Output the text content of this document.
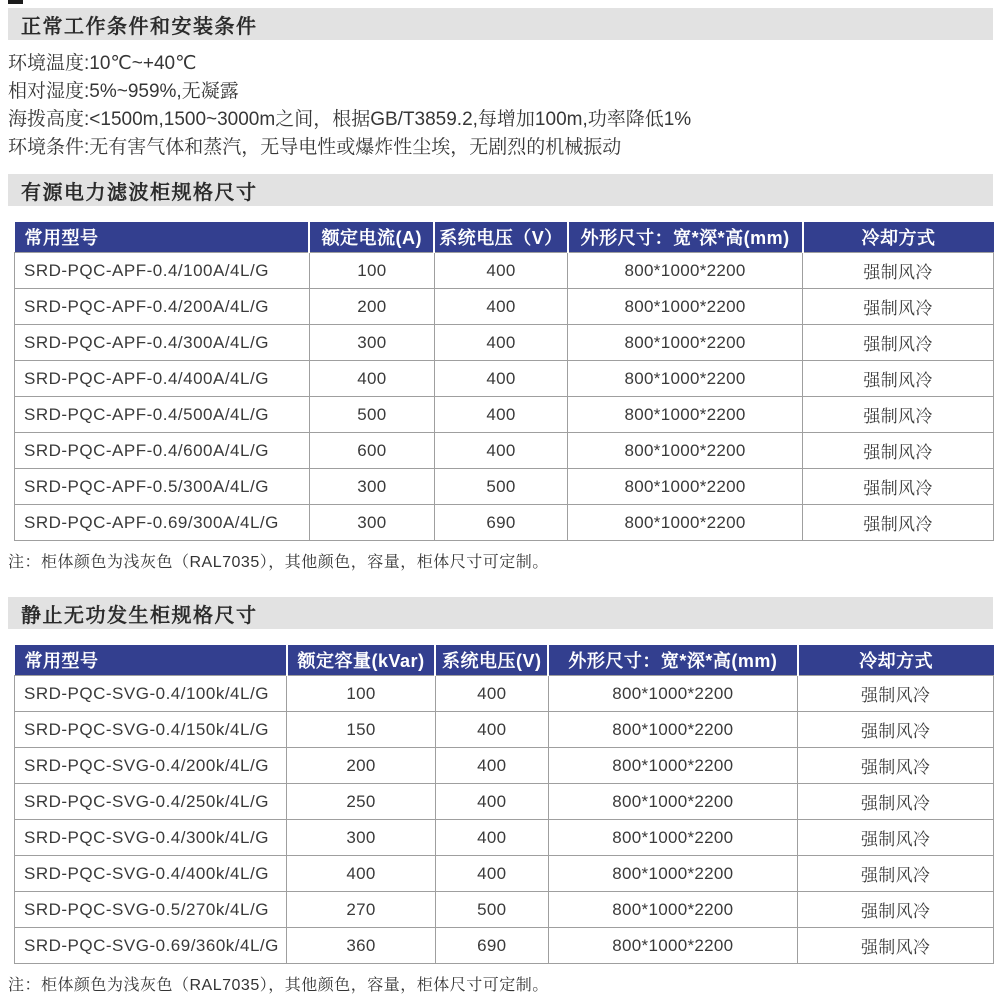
正常工作条件和安装条件

环境温度:10℃~+40℃

相对湿度:5%~959%,无凝露

海拨高度:<1500m,1500~3000m之间，根据GB/T3859.2,每增加100m,功率降低1%

环境条件:无有害气体和蒸汽，无导电性或爆炸性尘埃，无剧烈的机械振动

有源电力滤波柜规格尺寸
常用型号	额定电流(A)	系统电压（V）	外形尺寸：宽*深*高(mm)	冷却方式
SRD-PQC-APF-0.4/100A/4L/G	100	400	800*1000*2200	强制风冷
SRD-PQC-APF-0.4/200A/4L/G	200	400	800*1000*2200	强制风冷
SRD-PQC-APF-0.4/300A/4L/G	300	400	800*1000*2200	强制风冷
SRD-PQC-APF-0.4/400A/4L/G	400	400	800*1000*2200	强制风冷
SRD-PQC-APF-0.4/500A/4L/G	500	400	800*1000*2200	强制风冷
SRD-PQC-APF-0.4/600A/4L/G	600	400	800*1000*2200	强制风冷
SRD-PQC-APF-0.5/300A/4L/G	300	500	800*1000*2200	强制风冷
SRD-PQC-APF-0.69/300A/4L/G	300	690	800*1000*2200	强制风冷

注：柜体颜色为浅灰色（RAL7035），其他颜色，容量，柜体尺寸可定制。

静止无功发生柜规格尺寸
常用型号	额定容量(kVar)	系统电压(V)	外形尺寸：宽*深*高(mm)	冷却方式
SRD-PQC-SVG-0.4/100k/4L/G	100	400	800*1000*2200	强制风冷
SRD-PQC-SVG-0.4/150k/4L/G	150	400	800*1000*2200	强制风冷
SRD-PQC-SVG-0.4/200k/4L/G	200	400	800*1000*2200	强制风冷
SRD-PQC-SVG-0.4/250k/4L/G	250	400	800*1000*2200	强制风冷
SRD-PQC-SVG-0.4/300k/4L/G	300	400	800*1000*2200	强制风冷
SRD-PQC-SVG-0.4/400k/4L/G	400	400	800*1000*2200	强制风冷
SRD-PQC-SVG-0.5/270k/4L/G	270	500	800*1000*2200	强制风冷
SRD-PQC-SVG-0.69/360k/4L/G	360	690	800*1000*2200	强制风冷

注：柜体颜色为浅灰色（RAL7035），其他颜色，容量，柜体尺寸可定制。
